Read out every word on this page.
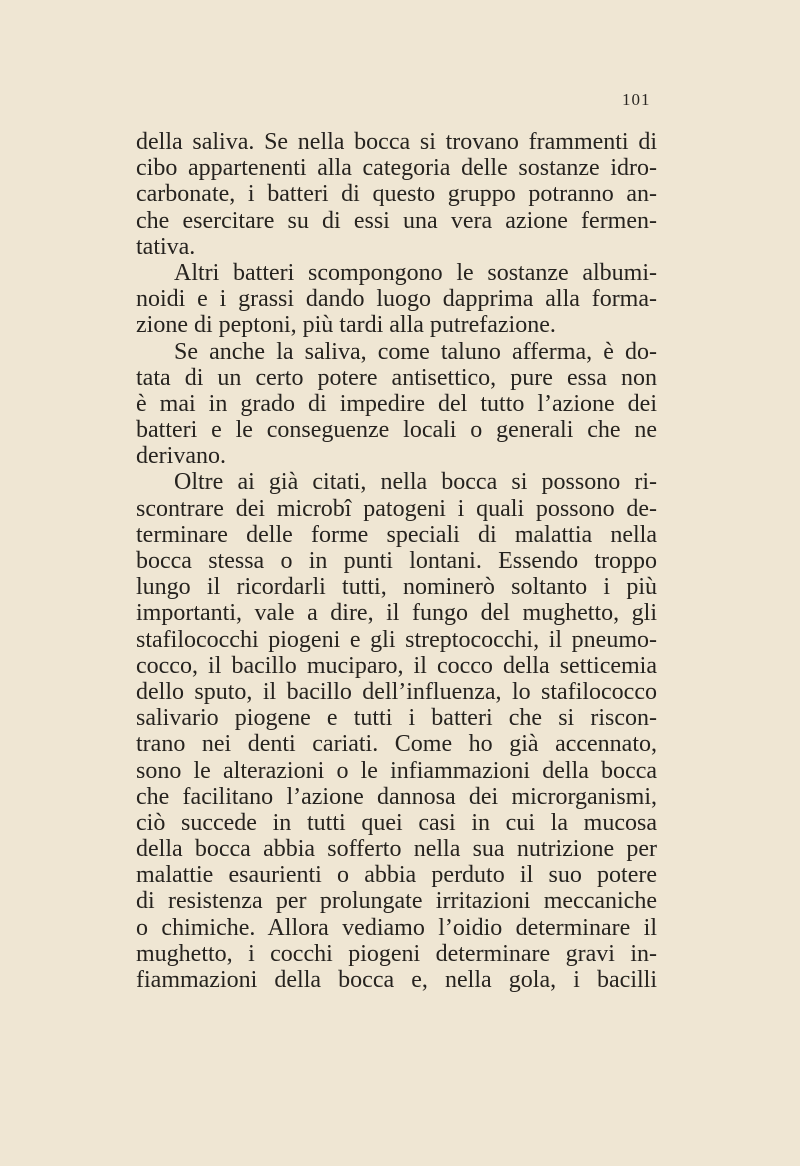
101
della saliva. Se nella bocca si trovano frammenti di
cibo appartenenti alla categoria delle sostanze idro-
carbonate, i batteri di questo gruppo potranno an-
che esercitare su di essi una vera azione fermen-
tativa.
Altri batteri scompongono le sostanze albumi-
noidi e i grassi dando luogo dapprima alla forma-
zione di peptoni, più tardi alla putrefazione.
Se anche la saliva, come taluno afferma, è do-
tata di un certo potere antisettico, pure essa non
è mai in grado di impedire del tutto l’azione dei
batteri e le conseguenze locali o generali che ne
derivano.
Oltre ai già citati, nella bocca si possono ri-
scontrare dei microbî patogeni i quali possono de-
terminare delle forme speciali di malattia nella
bocca stessa o in punti lontani. Essendo troppo
lungo il ricordarli tutti, nominerò soltanto i più
importanti, vale a dire, il fungo del mughetto, gli
stafilococchi piogeni e gli streptococchi, il pneumo-
cocco, il bacillo muciparo, il cocco della setticemia
dello sputo, il bacillo dell’influenza, lo stafilococco
salivario piogene e tutti i batteri che si riscon-
trano nei denti cariati. Come ho già accennato,
sono le alterazioni o le infiammazioni della bocca
che facilitano l’azione dannosa dei microrganismi,
ciò succede in tutti quei casi in cui la mucosa
della bocca abbia sofferto nella sua nutrizione per
malattie esaurienti o abbia perduto il suo potere
di resistenza per prolungate irritazioni meccaniche
o chimiche. Allora vediamo l’oidio determinare il
mughetto, i cocchi piogeni determinare gravi in-
fiammazioni della bocca e, nella gola, i bacilli
